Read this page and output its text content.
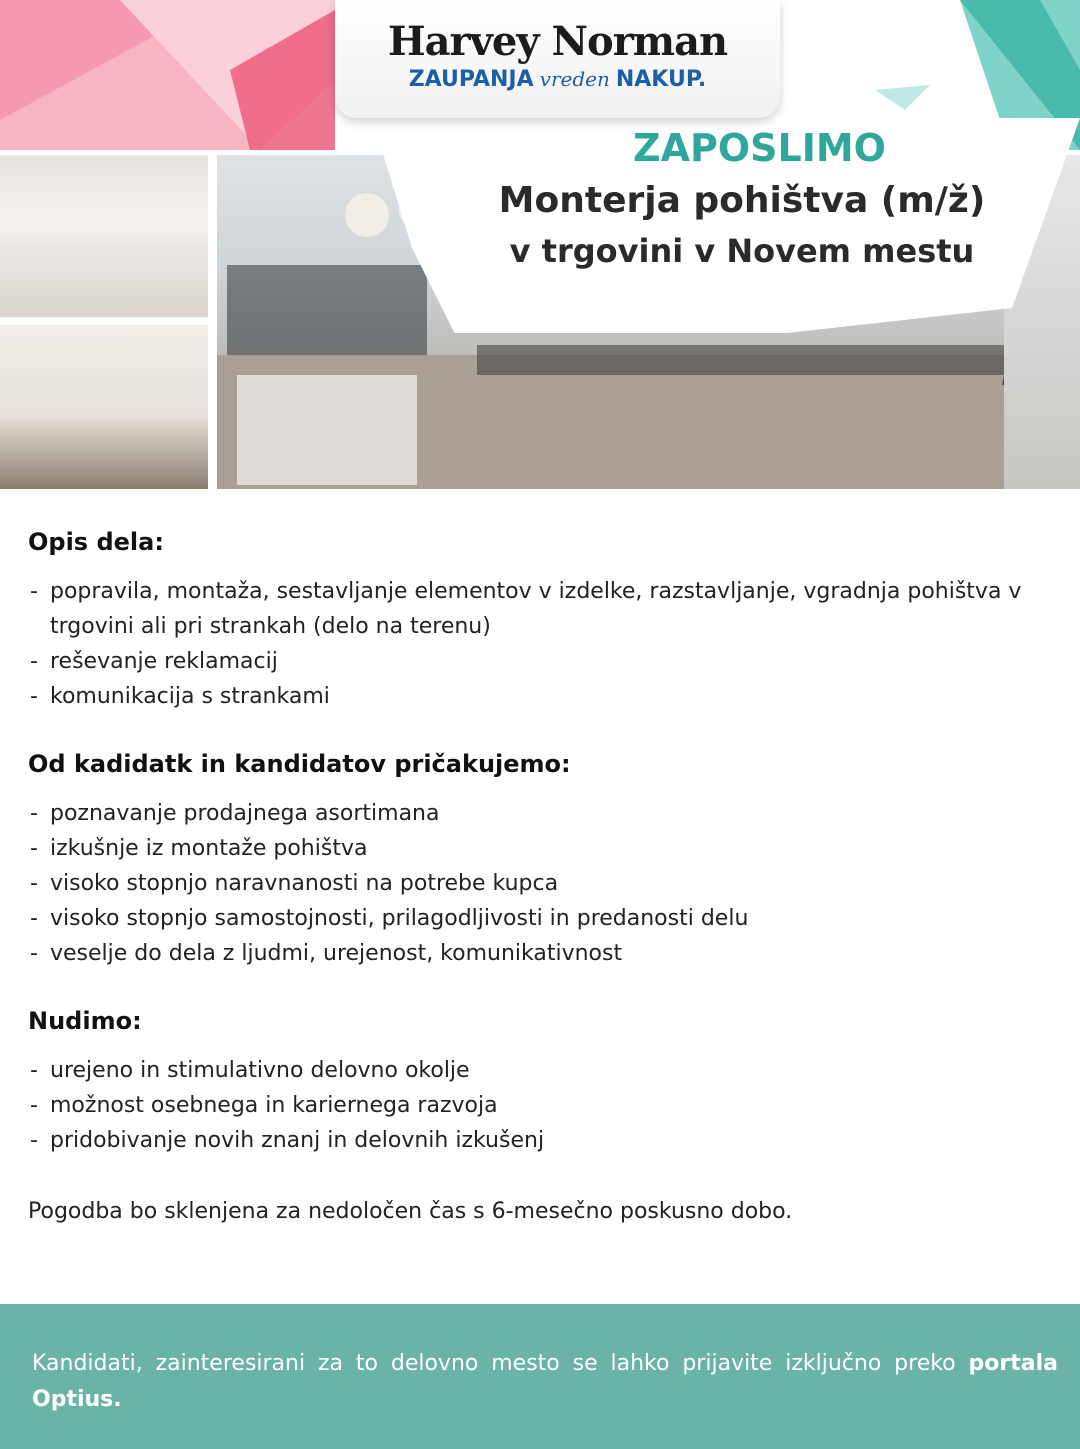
ZAPOSLIMO
Monterja pohištva (m/ž)
v trgovini v Novem mestu
Harvey Norman
ZAUPANJA vreden NAKUP.
Opis dela:
- popravila, montaža, sestavljanje elementov v izdelke, razstavljanje, vgradnja pohištva v trgovini ali pri strankah (delo na terenu)
- reševanje reklamacij
- komunikacija s strankami
Od kadidatk in kandidatov pričakujemo:
- poznavanje prodajnega asortimana
- izkušnje iz montaže pohištva
- visoko stopnjo naravnanosti na potrebe kupca
- visoko stopnjo samostojnosti, prilagodljivosti in predanosti delu
- veselje do dela z ljudmi, urejenost, komunikativnost
Nudimo:
- urejeno in stimulativno delovno okolje
- možnost osebnega in kariernega razvoja
- pridobivanje novih znanj in delovnih izkušenj
Pogodba bo sklenjena za nedoločen čas s 6-mesečno poskusno dobo.
Kandidati, zainteresirani za to delovno mesto se lahko prijavite izključno preko portala Optius.
